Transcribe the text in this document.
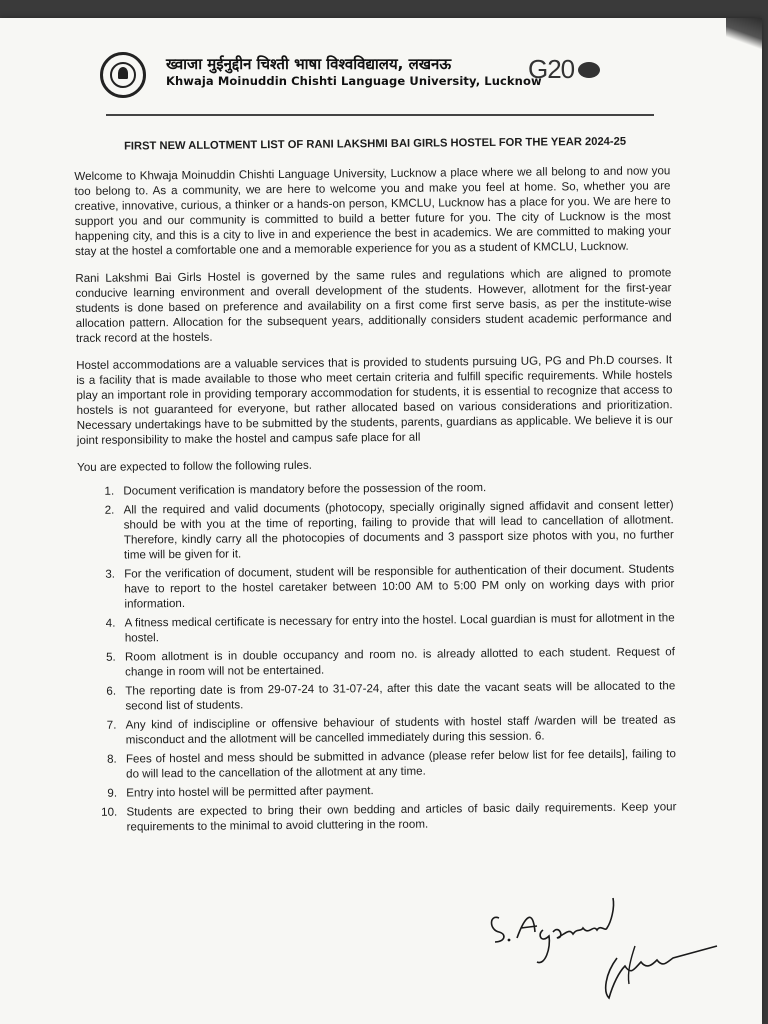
ख्वाजा मुईनुद्दीन चिश्ती भाषा विश्वविद्यालय, लखनऊ
Khwaja Moinuddin Chishti Language University, Lucknow
G20
FIRST NEW ALLOTMENT LIST OF RANI LAKSHMI BAI GIRLS HOSTEL FOR THE YEAR 2024-25

Welcome to Khwaja Moinuddin Chishti Language University, Lucknow a place where we all belong to and now you too belong to. As a community, we are here to welcome you and make you feel at home. So, whether you are creative, innovative, curious, a thinker or a hands-on person, KMCLU, Lucknow has a place for you. We are here to support you and our community is committed to build a better future for you. The city of Lucknow is the most happening city, and this is a city to live in and experience the best in academics. We are committed to making your stay at the hostel a comfortable one and a memorable experience for you as a student of KMCLU, Lucknow.

Rani Lakshmi Bai Girls Hostel is governed by the same rules and regulations which are aligned to promote conducive learning environment and overall development of the students. However, allotment for the first-year students is done based on preference and availability on a first come first serve basis, as per the institute-wise allocation pattern. Allocation for the subsequent years, additionally considers student academic performance and track record at the hostels.

Hostel accommodations are a valuable services that is provided to students pursuing UG, PG and Ph.D courses. It is a facility that is made available to those who meet certain criteria and fulfill specific requirements. While hostels play an important role in providing temporary accommodation for students, it is essential to recognize that access to hostels is not guaranteed for everyone, but rather allocated based on various considerations and prioritization. Necessary undertakings have to be submitted by the students, parents, guardians as applicable. We believe it is our joint responsibility to make the hostel and campus safe place for all

You are expected to follow the following rules.

1. Document verification is mandatory before the possession of the room.
2. All the required and valid documents (photocopy, specially originally signed affidavit and consent letter) should be with you at the time of reporting, failing to provide that will lead to cancellation of allotment. Therefore, kindly carry all the photocopies of documents and 3 passport size photos with you, no further time will be given for it.
3. For the verification of document, student will be responsible for authentication of their document. Students have to report to the hostel caretaker between 10:00 AM to 5:00 PM only on working days with prior information.
4. A fitness medical certificate is necessary for entry into the hostel. Local guardian is must for allotment in the hostel.
5. Room allotment is in double occupancy and room no. is already allotted to each student. Request of change in room will not be entertained.
6. The reporting date is from 29-07-24 to 31-07-24, after this date the vacant seats will be allocated to the second list of students.
7. Any kind of indiscipline or offensive behaviour of students with hostel staff /warden will be treated as misconduct and the allotment will be cancelled immediately during this session. 6.
8. Fees of hostel and mess should be submitted in advance (please refer below list for fee details], failing to do will lead to the cancellation of the allotment at any time.
9. Entry into hostel will be permitted after payment.
10. Students are expected to bring their own bedding and articles of basic daily requirements. Keep your requirements to the minimal to avoid cluttering in the room.
